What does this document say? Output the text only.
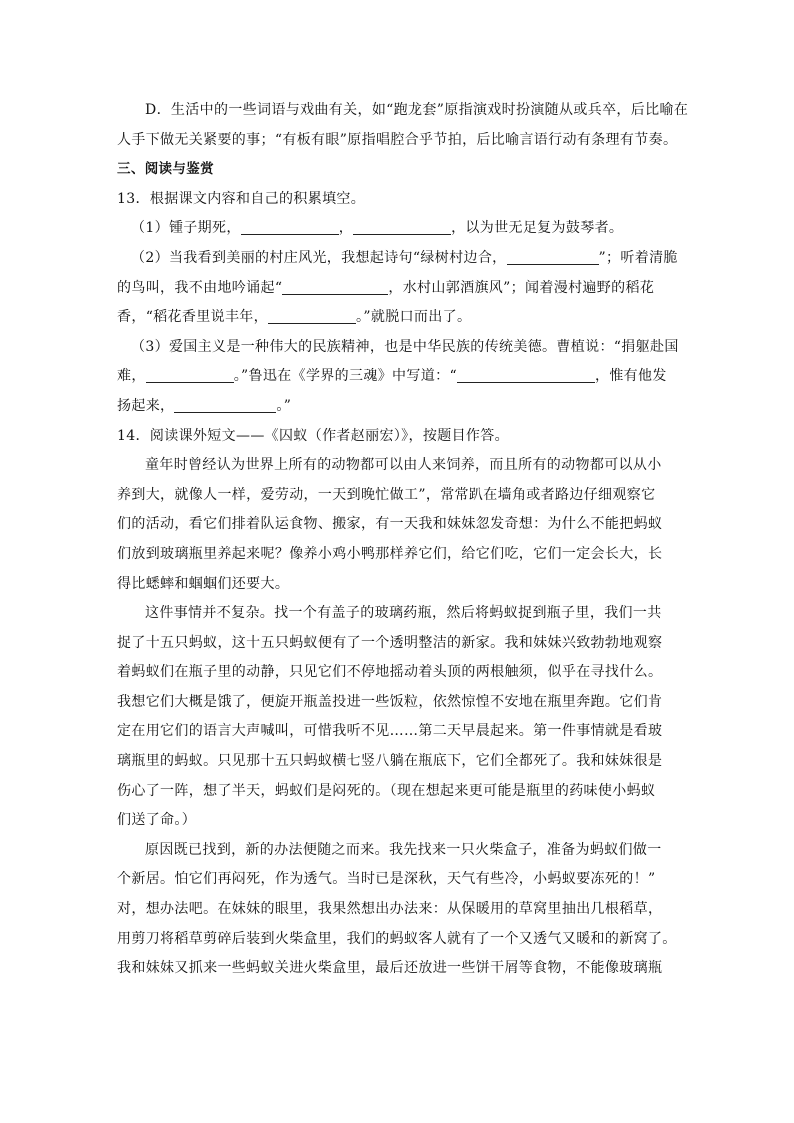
D．生活中的一些词语与戏曲有关，如“跑龙套”原指演戏时扮演随从或兵卒，后比喻在
人手下做无关紧要的事；“有板有眼”原指唱腔合乎节拍，后比喻言语行动有条理有节奏。
三、阅读与鉴赏
13．根据课文内容和自己的积累填空。
（1）锺子期死，	，	，以为世无足复为鼓琴者。
（2）当我看到美丽的村庄风光，我想起诗句“绿树村边合，	”；听着清脆
的鸟叫，我不由地吟诵起“	，水村山郭酒旗风”；闻着漫村遍野的稻花
香，“稻花香里说丰年，	。”就脱口而出了。
（3）爱国主义是一种伟大的民族精神，也是中华民族的传统美德。曹植说：“捐躯赴国
难，	。”鲁迅在《学界的三魂》中写道：“	，惟有他发
扬起来，	。”
14．阅读课外短文——《囚蚁（作者赵丽宏）》，按题目作答。
童年时曾经认为世界上所有的动物都可以由人来饲养，而且所有的动物都可以从小
养到大，就像人一样，爱劳动，一天到晚忙做工”，常常趴在墙角或者路边仔细观察它
们的活动，看它们排着队运食物、搬家，有一天我和妹妹忽发奇想：为什么不能把蚂蚁
们放到玻璃瓶里养起来呢？像养小鸡小鸭那样养它们，给它们吃，它们一定会长大，长
得比蟋蟀和蝈蝈们还要大。
这件事情并不复杂。找一个有盖子的玻璃药瓶，然后将蚂蚁捉到瓶子里，我们一共
捉了十五只蚂蚁，这十五只蚂蚁便有了一个透明整洁的新家。我和妹妹兴致勃勃地观察
着蚂蚁们在瓶子里的动静，只见它们不停地摇动着头顶的两根触须，似乎在寻找什么。
我想它们大概是饿了，便旋开瓶盖投进一些饭粒，依然惊惶不安地在瓶里奔跑。它们肯
定在用它们的语言大声喊叫，可惜我听不见……第二天早晨起来。第一件事情就是看玻
璃瓶里的蚂蚁。只见那十五只蚂蚁横七竖八躺在瓶底下，它们全都死了。我和妹妹很是
伤心了一阵，想了半天，蚂蚁们是闷死的。（现在想起来更可能是瓶里的药味使小蚂蚁
们送了命。）
原因既已找到，新的办法便随之而来。我先找来一只火柴盒子，准备为蚂蚁们做一
个新居。怕它们再闷死，作为透气。当时已是深秋，天气有些冷，小蚂蚁要冻死的！”
对，想办法吧。在妹妹的眼里，我果然想出办法来：从保暖用的草窝里抽出几根稻草，
用剪刀将稻草剪碎后装到火柴盒里，我们的蚂蚁客人就有了一个又透气又暖和的新窝了。
我和妹妹又抓来一些蚂蚁关进火柴盒里，最后还放进一些饼干屑等食物，不能像玻璃瓶
